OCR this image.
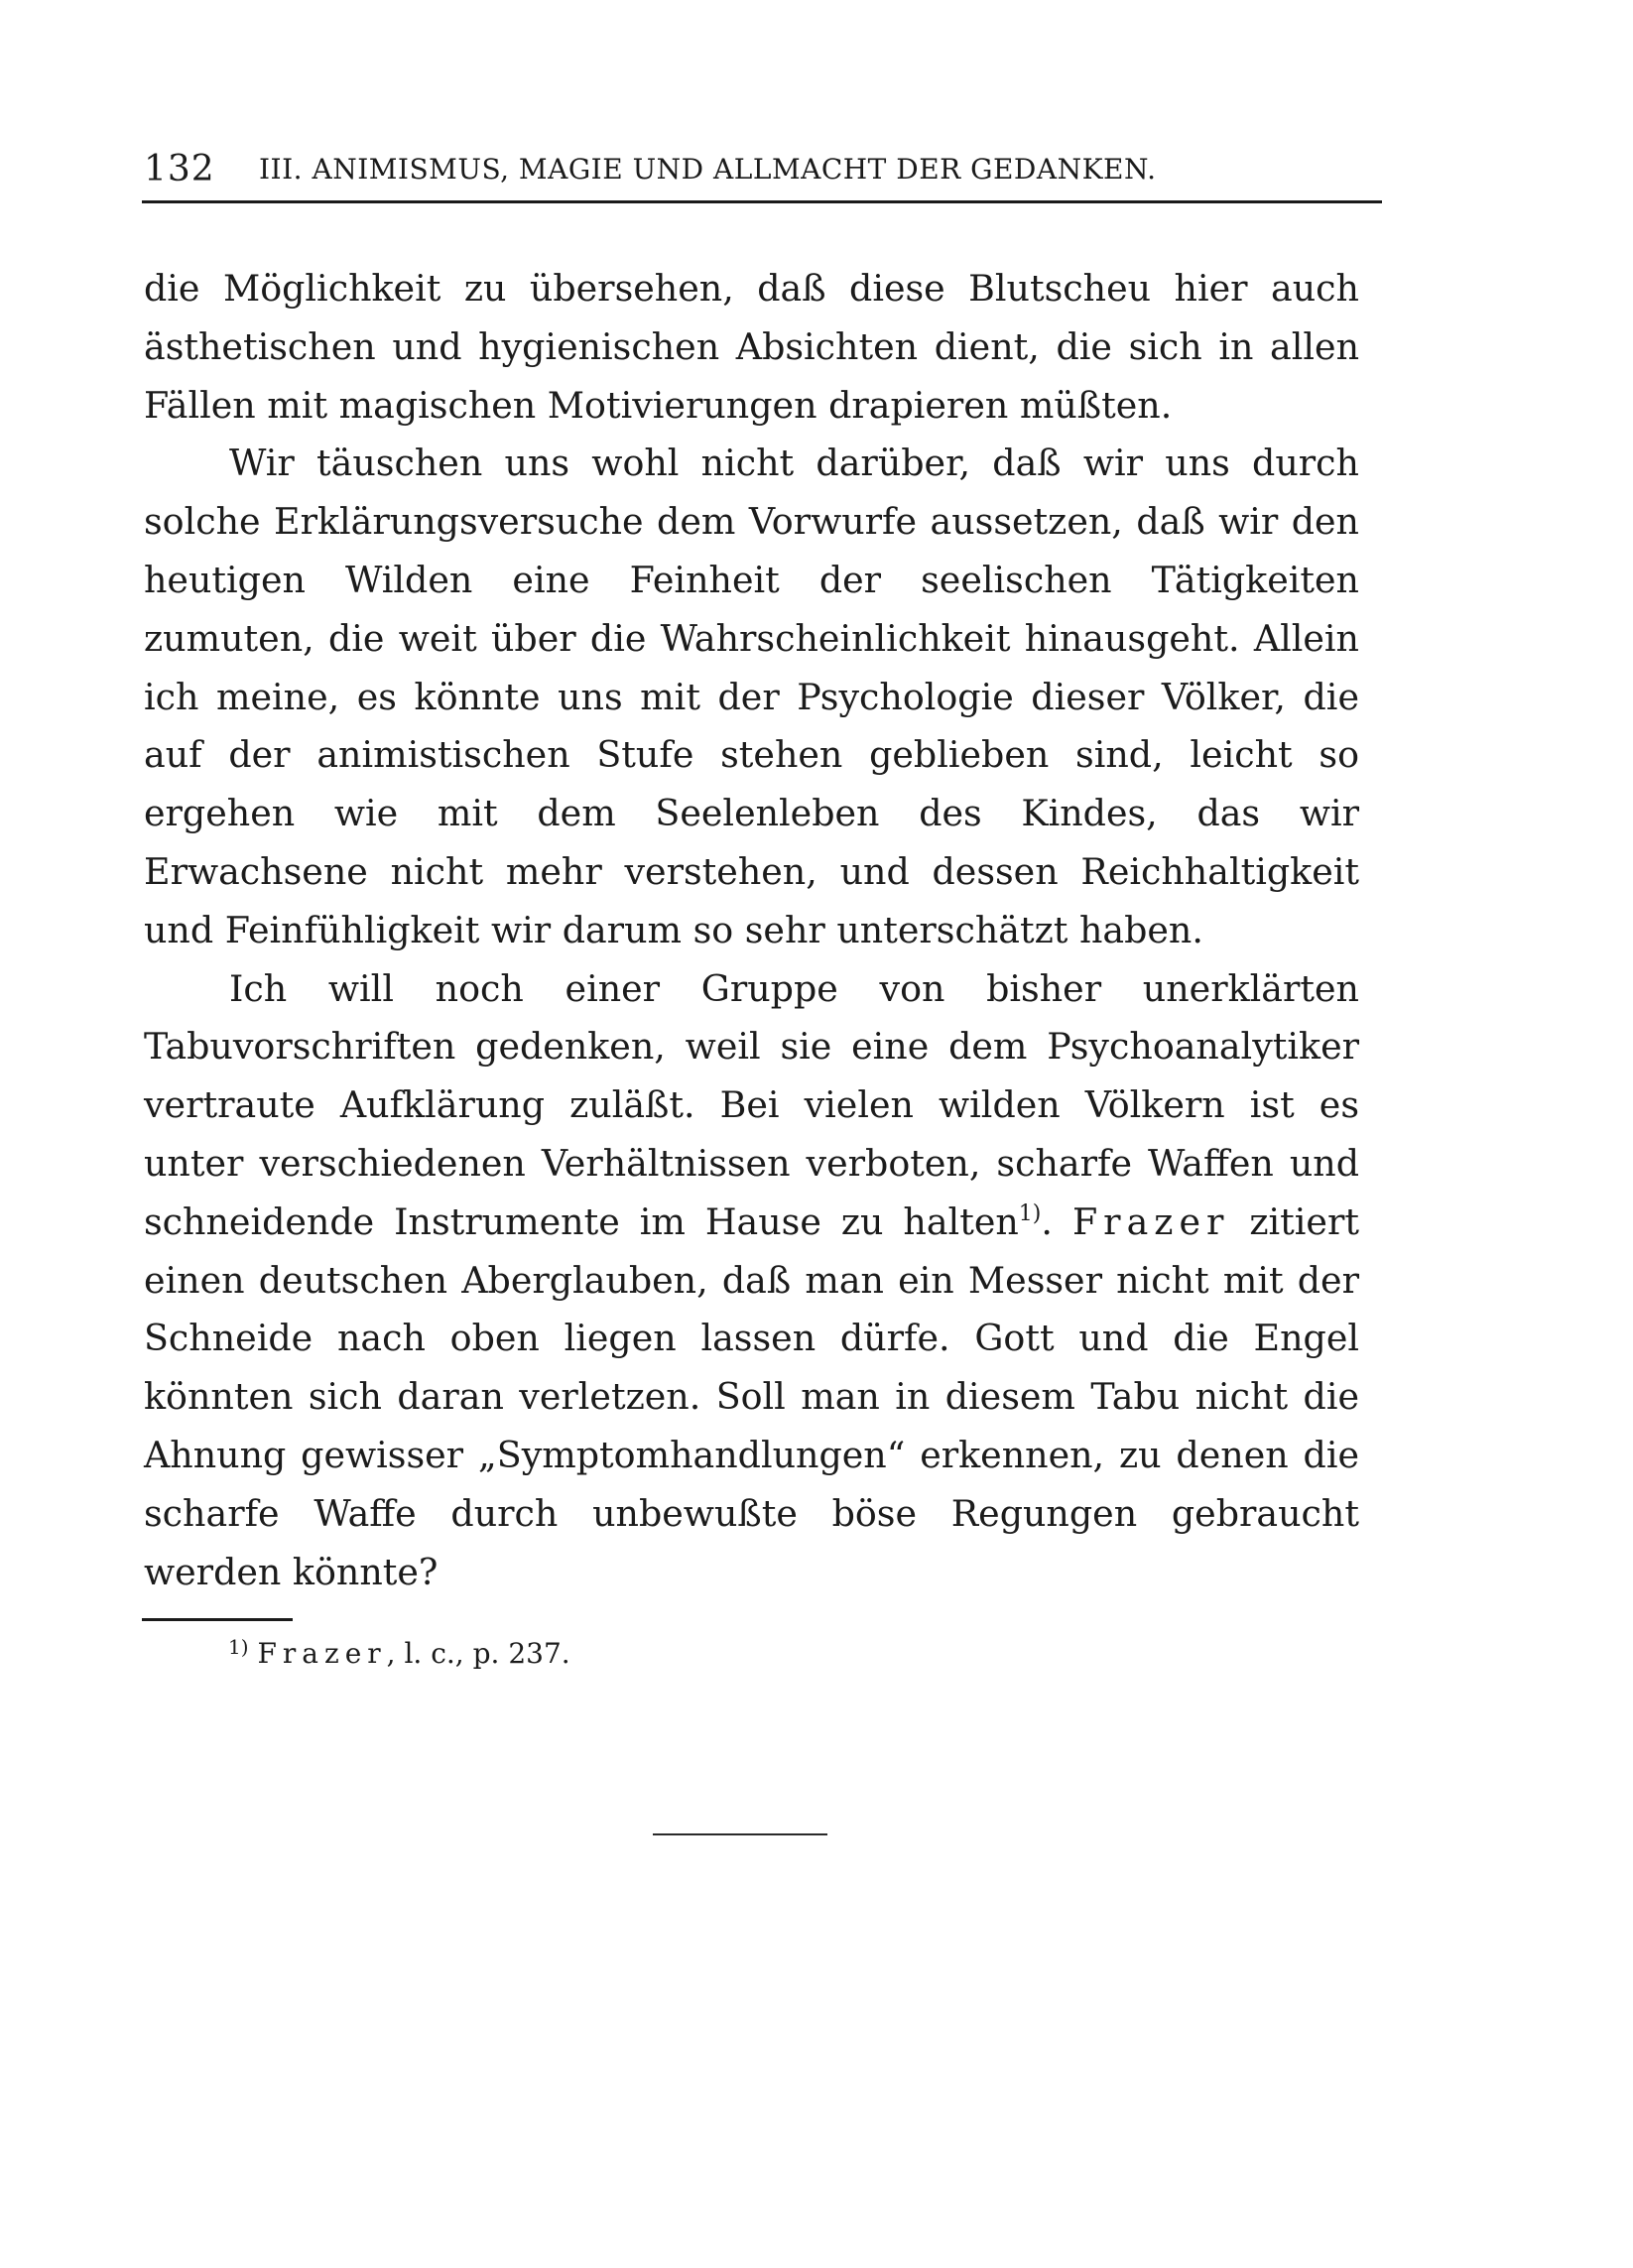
132 III. ANIMISMUS, MAGIE UND ALLMACHT DER GEDANKEN.

die Möglichkeit zu übersehen, daß diese Blutscheu hier auch ästhetischen und hygienischen Absichten dient, die sich in allen Fällen mit magischen Motivierungen drapieren müßten.

Wir täuschen uns wohl nicht darüber, daß wir uns durch solche Erklärungsversuche dem Vorwurfe aussetzen, daß wir den heutigen Wilden eine Feinheit der seelischen Tätigkeiten zumuten, die weit über die Wahrscheinlichkeit hinausgeht. Allein ich meine, es könnte uns mit der Psychologie dieser Völker, die auf der animistischen Stufe stehen geblieben sind, leicht so ergehen wie mit dem Seelenleben des Kindes, das wir Erwachsene nicht mehr verstehen, und dessen Reichhaltigkeit und Feinfühligkeit wir darum so sehr unterschätzt haben.

Ich will noch einer Gruppe von bisher unerklärten Tabuvorschriften gedenken, weil sie eine dem Psychoanalytiker vertraute Aufklärung zuläßt. Bei vielen wilden Völkern ist es unter verschiedenen Verhältnissen verboten, scharfe Waffen und schneidende Instrumente im Hause zu halten$^{1)}$. Frazer zitiert einen deutschen Aberglauben, daß man ein Messer nicht mit der Schneide nach oben liegen lassen dürfe. Gott und die Engel könnten sich daran verletzen. Soll man in diesem Tabu nicht die Ahnung gewisser „Symptomhandlungen“ erkennen, zu denen die scharfe Waffe durch unbewußte böse Regungen gebraucht werden könnte?

$^{1)}$ Frazer, l. c., p. 237.
